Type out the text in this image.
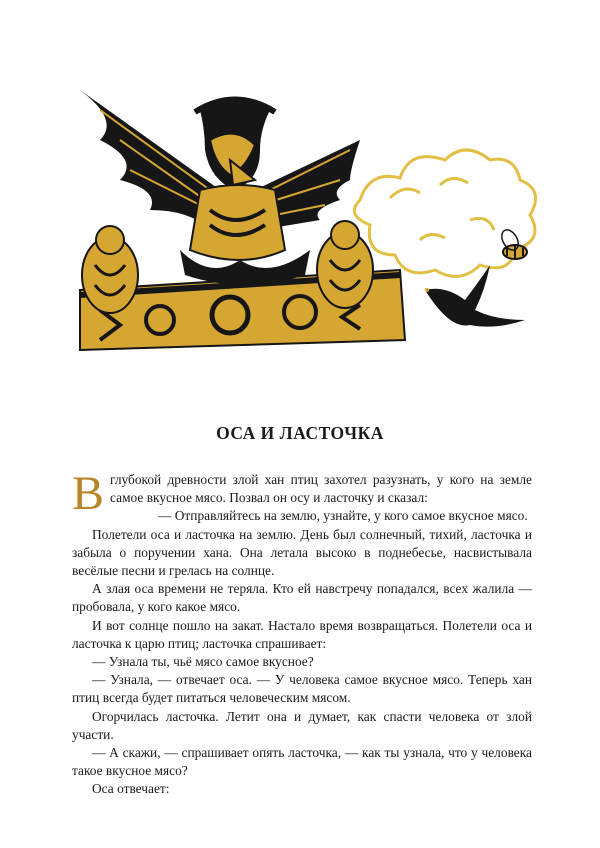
ОСА И ЛАСТОЧКА

Вглубокой древности злой хан птиц захотел разузнать, у кого на земле самое вкусное мясо. Позвал он осу и ласточку и сказал:

— Отправляйтесь на землю, узнайте, у кого самое вкусное мясо.

Полетели оса и ласточка на землю. День был солнечный, тихий, ласточка и забыла о поручении хана. Она летала высоко в поднебесье, насвистывала весёлые песни и грелась на солнце.

А злая оса времени не теряла. Кто ей навстречу попадался, всех жалила — пробовала, у кого какое мясо.

И вот солнце пошло на закат. Настало время возвращаться. Полетели оса и ласточка к царю птиц; ласточка спрашивает:

— Узнала ты, чьё мясо самое вкусное?

— Узнала, — отвечает оса. — У человека самое вкусное мясо. Теперь хан птиц всегда будет питаться человеческим мясом.

Огорчилась ласточка. Летит она и думает, как спасти человека от злой участи.

— А скажи, — спрашивает опять ласточка, — как ты узнала, что у человека такое вкусное мясо?

Оса отвечает:
